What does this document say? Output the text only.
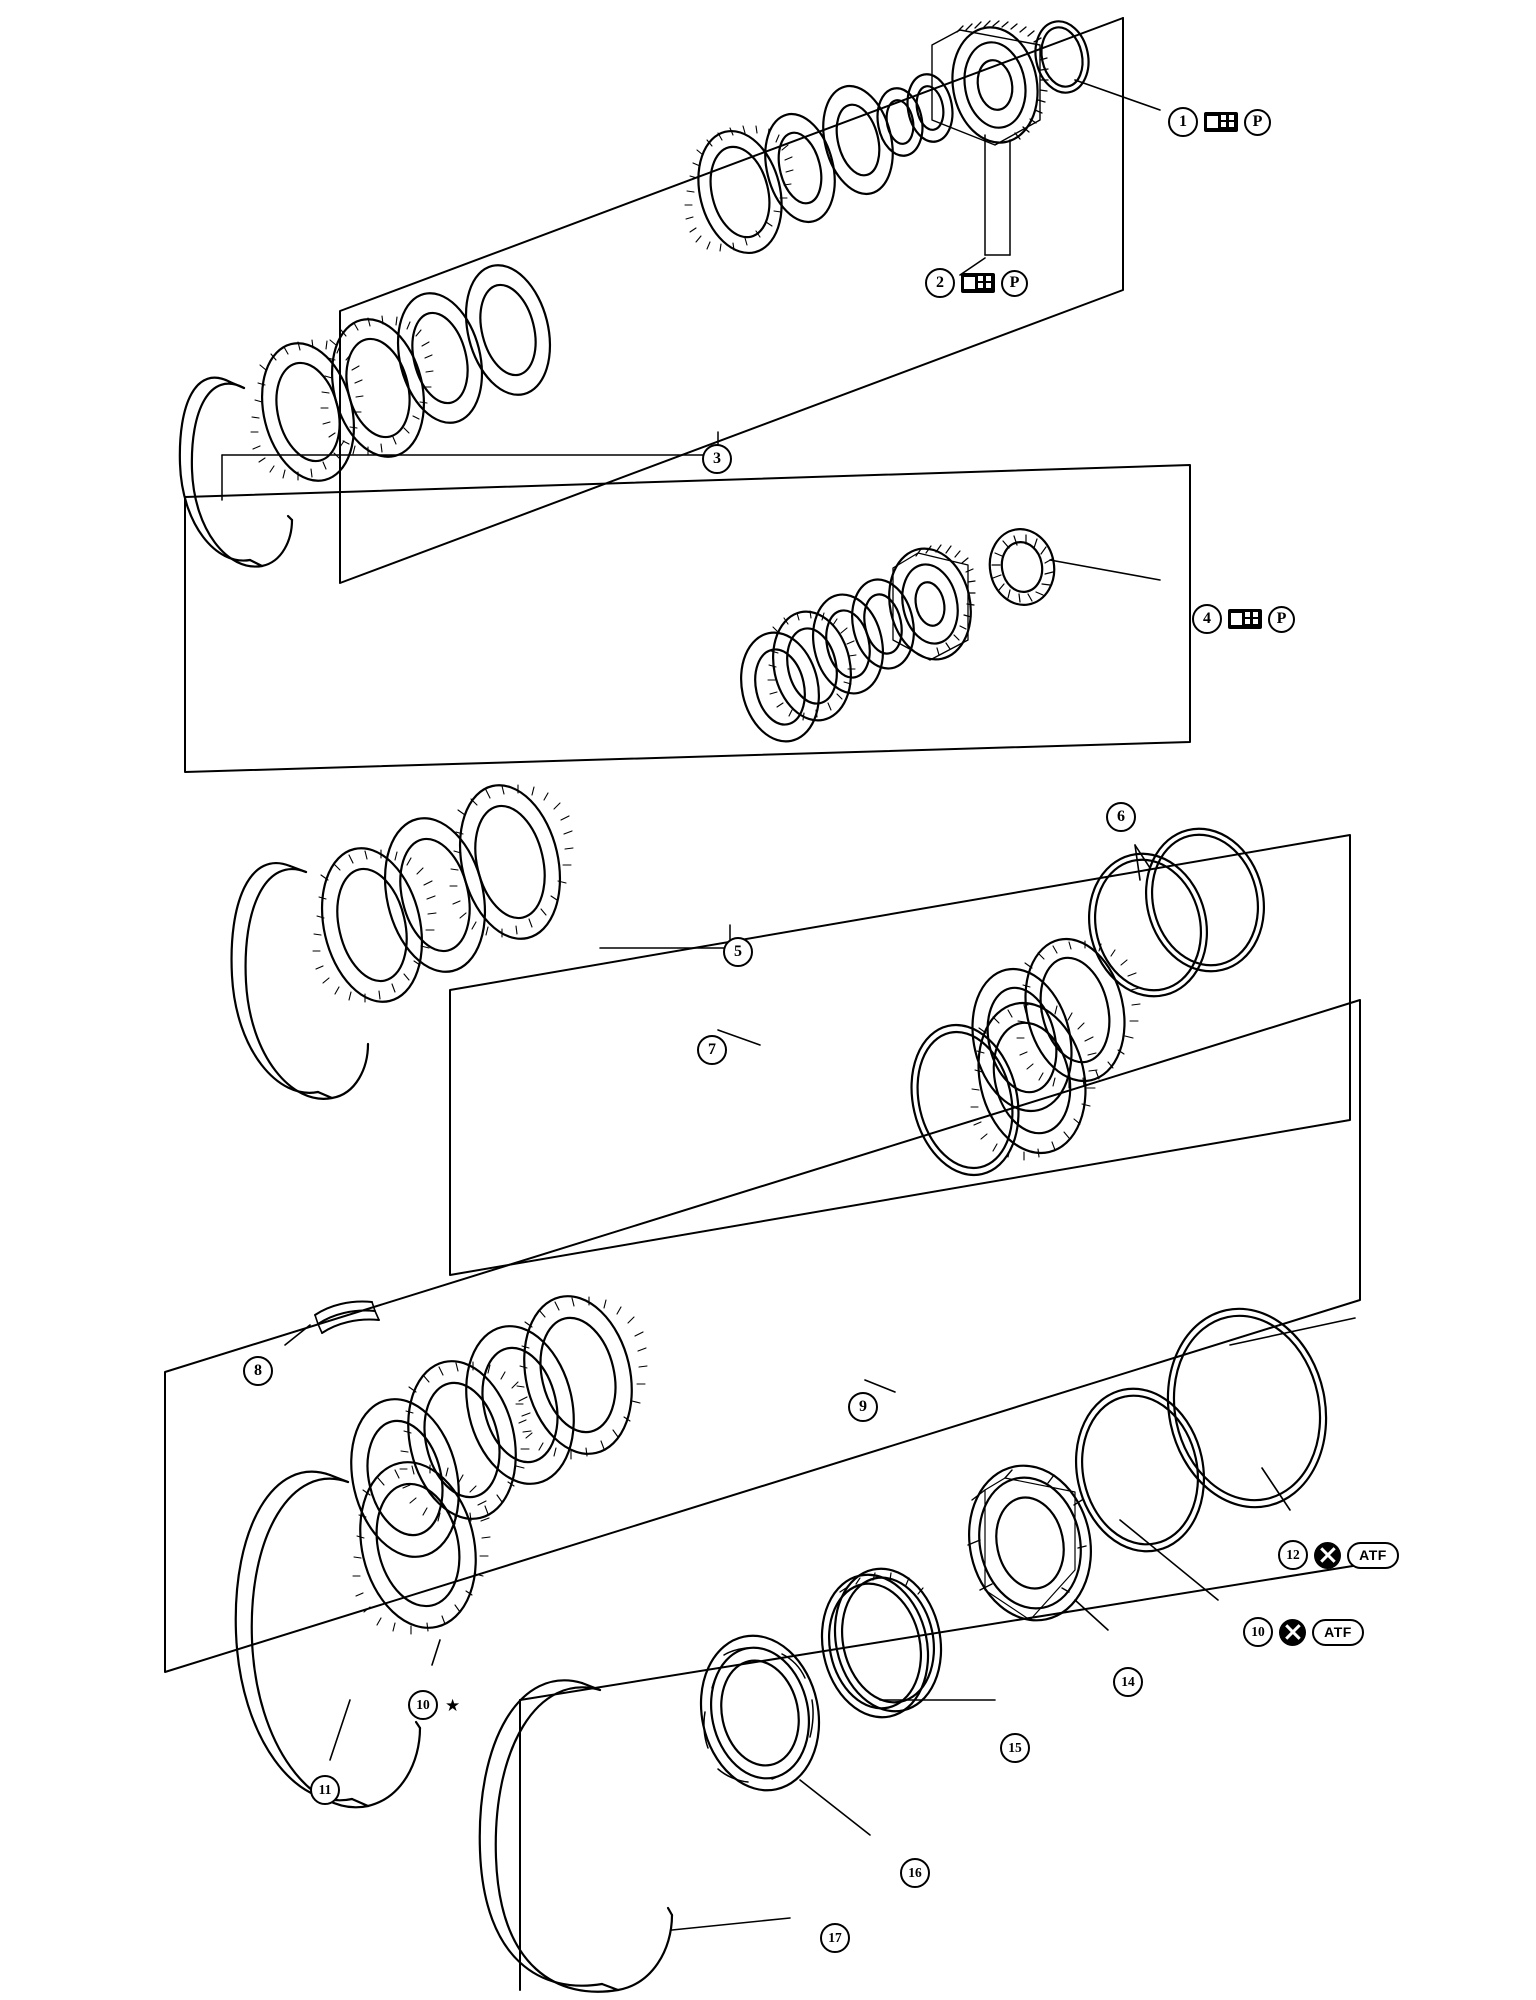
1	P
2	P
3
4	P
6
5
7
8
9
12	ATF
10	ATF
14
10 ★
15
11
16
17
